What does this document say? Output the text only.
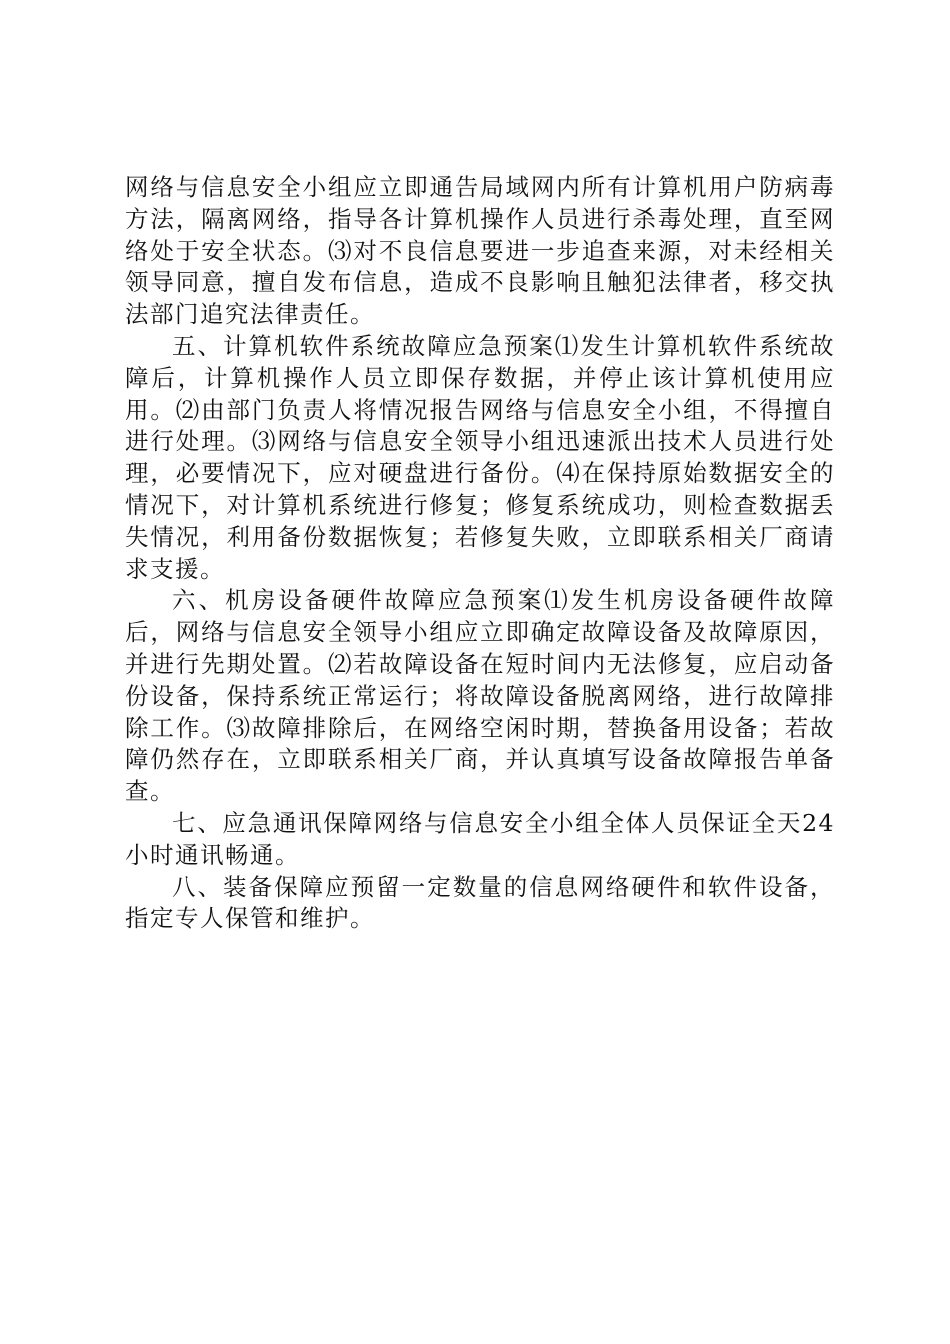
网络与信息安全小组应立即通告局域网内所有计算机用户防病毒方法，隔离网络，指导各计算机操作人员进行杀毒处理，直至网络处于安全状态。⑶对不良信息要进一步追查来源，对未经相关领导同意，擅自发布信息，造成不良影响且触犯法律者，移交执法部门追究法律责任。

五、计算机软件系统故障应急预案⑴发生计算机软件系统故障后，计算机操作人员立即保存数据，并停止该计算机使用应用。⑵由部门负责人将情况报告网络与信息安全小组，不得擅自进行处理。⑶网络与信息安全领导小组迅速派出技术人员进行处理，必要情况下，应对硬盘进行备份。⑷在保持原始数据安全的情况下，对计算机系统进行修复；修复系统成功，则检查数据丢失情况，利用备份数据恢复；若修复失败，立即联系相关厂商请求支援。

六、机房设备硬件故障应急预案⑴发生机房设备硬件故障后，网络与信息安全领导小组应立即确定故障设备及故障原因，并进行先期处置。⑵若故障设备在短时间内无法修复，应启动备份设备，保持系统正常运行；将故障设备脱离网络，进行故障排除工作。⑶故障排除后，在网络空闲时期，替换备用设备；若故障仍然存在，立即联系相关厂商，并认真填写设备故障报告单备查。

七、应急通讯保障网络与信息安全小组全体人员保证全天24小时通讯畅通。

八、装备保障应预留一定数量的信息网络硬件和软件设备，指定专人保管和维护。
